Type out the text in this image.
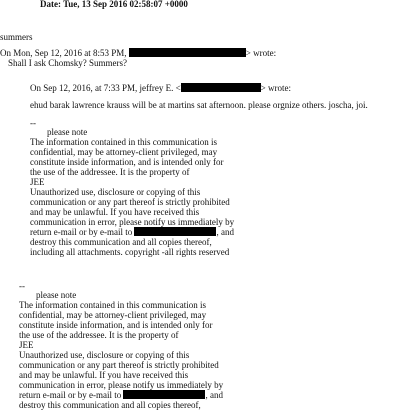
Date: Tue, 13 Sep 2016 02:58:07 +0000
summers
On Mon, Sep 12, 2016 at 8:53 PM,	> wrote:
Shall I ask Chomsky? Summers?
On Sep 12, 2016, at 7:33 PM, jeffrey E. <	> wrote:
ehud barak lawrence krauss will be at martins sat afternoon. please orgnize others. joscha, joi.
--
please note
The information contained in this communication is
confidential, may be attorney-client privileged, may
constitute inside information, and is intended only for
the use of the addressee. It is the property of
JEE
Unauthorized use, disclosure or copying of this
communication or any part thereof is strictly prohibited
and may be unlawful. If you have received this
communication in error, please notify us immediately by
return e-mail or by e-mail to	, and
destroy this communication and all copies thereof,
including all attachments. copyright -all rights reserved
--
please note
The information contained in this communication is
confidential, may be attorney-client privileged, may
constitute inside information, and is intended only for
the use of the addressee. It is the property of
JEE
Unauthorized use, disclosure or copying of this
communication or any part thereof is strictly prohibited
and may be unlawful. If you have received this
communication in error, please notify us immediately by
return e-mail or by e-mail to	, and
destroy this communication and all copies thereof,
